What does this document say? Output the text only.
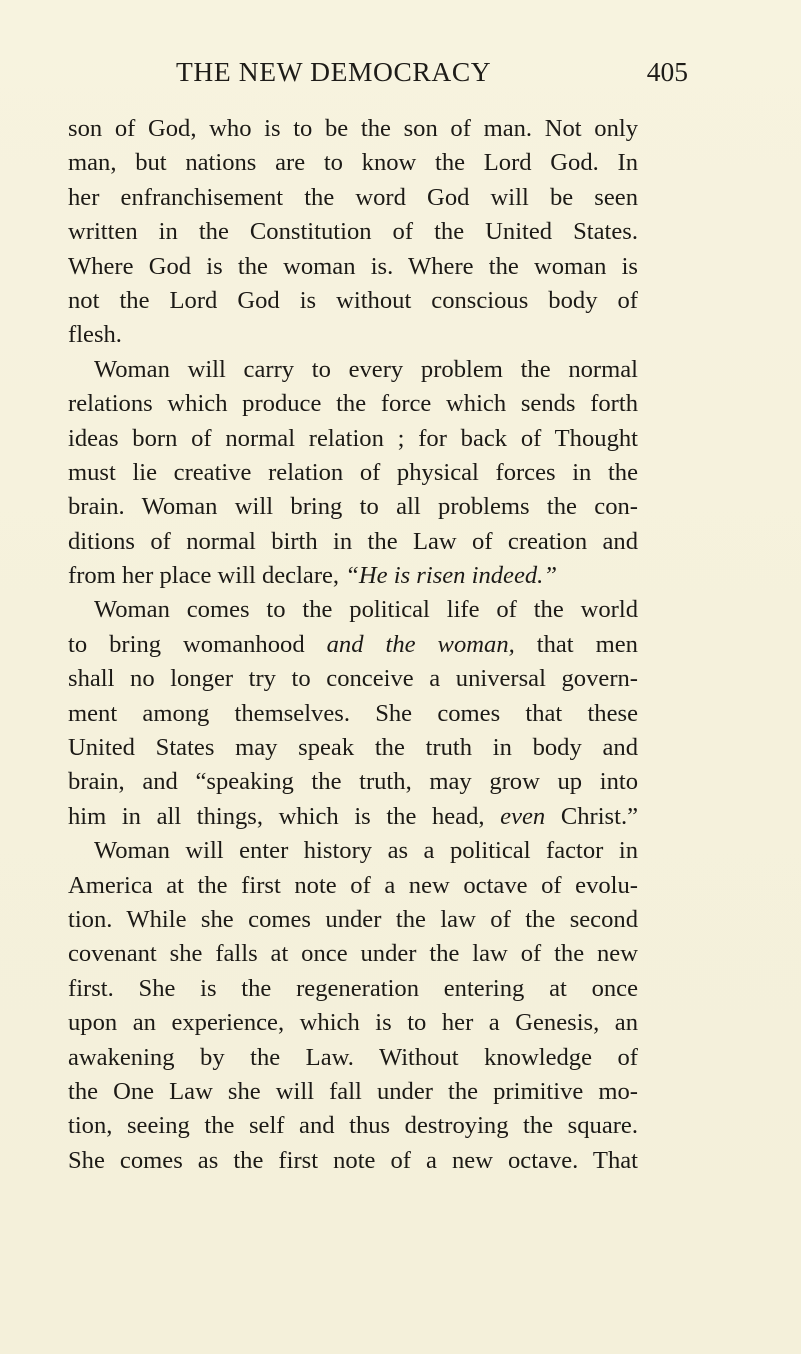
THE NEW DEMOCRACY	405
son of God, who is to be the son of man. Not only
man, but nations are to know the Lord God. In
her enfranchisement the word God will be seen
written in the Constitution of the United States.
Where God is the woman is. Where the woman is
not the Lord God is without conscious body of
flesh.
Woman will carry to every problem the normal
relations which produce the force which sends forth
ideas born of normal relation ; for back of Thought
must lie creative relation of physical forces in the
brain. Woman will bring to all problems the con-
ditions of normal birth in the Law of creation and
from her place will declare, “He is risen indeed.”
Woman comes to the political life of the world
to bring womanhood and the woman, that men
shall no longer try to conceive a universal govern-
ment among themselves. She comes that these
United States may speak the truth in body and
brain, and “speaking the truth, may grow up into
him in all things, which is the head, even Christ.”
Woman will enter history as a political factor in
America at the first note of a new octave of evolu-
tion. While she comes under the law of the second
covenant she falls at once under the law of the new
first. She is the regeneration entering at once
upon an experience, which is to her a Genesis, an
awakening by the Law. Without knowledge of
the One Law she will fall under the primitive mo-
tion, seeing the self and thus destroying the square.
She comes as the first note of a new octave. That
